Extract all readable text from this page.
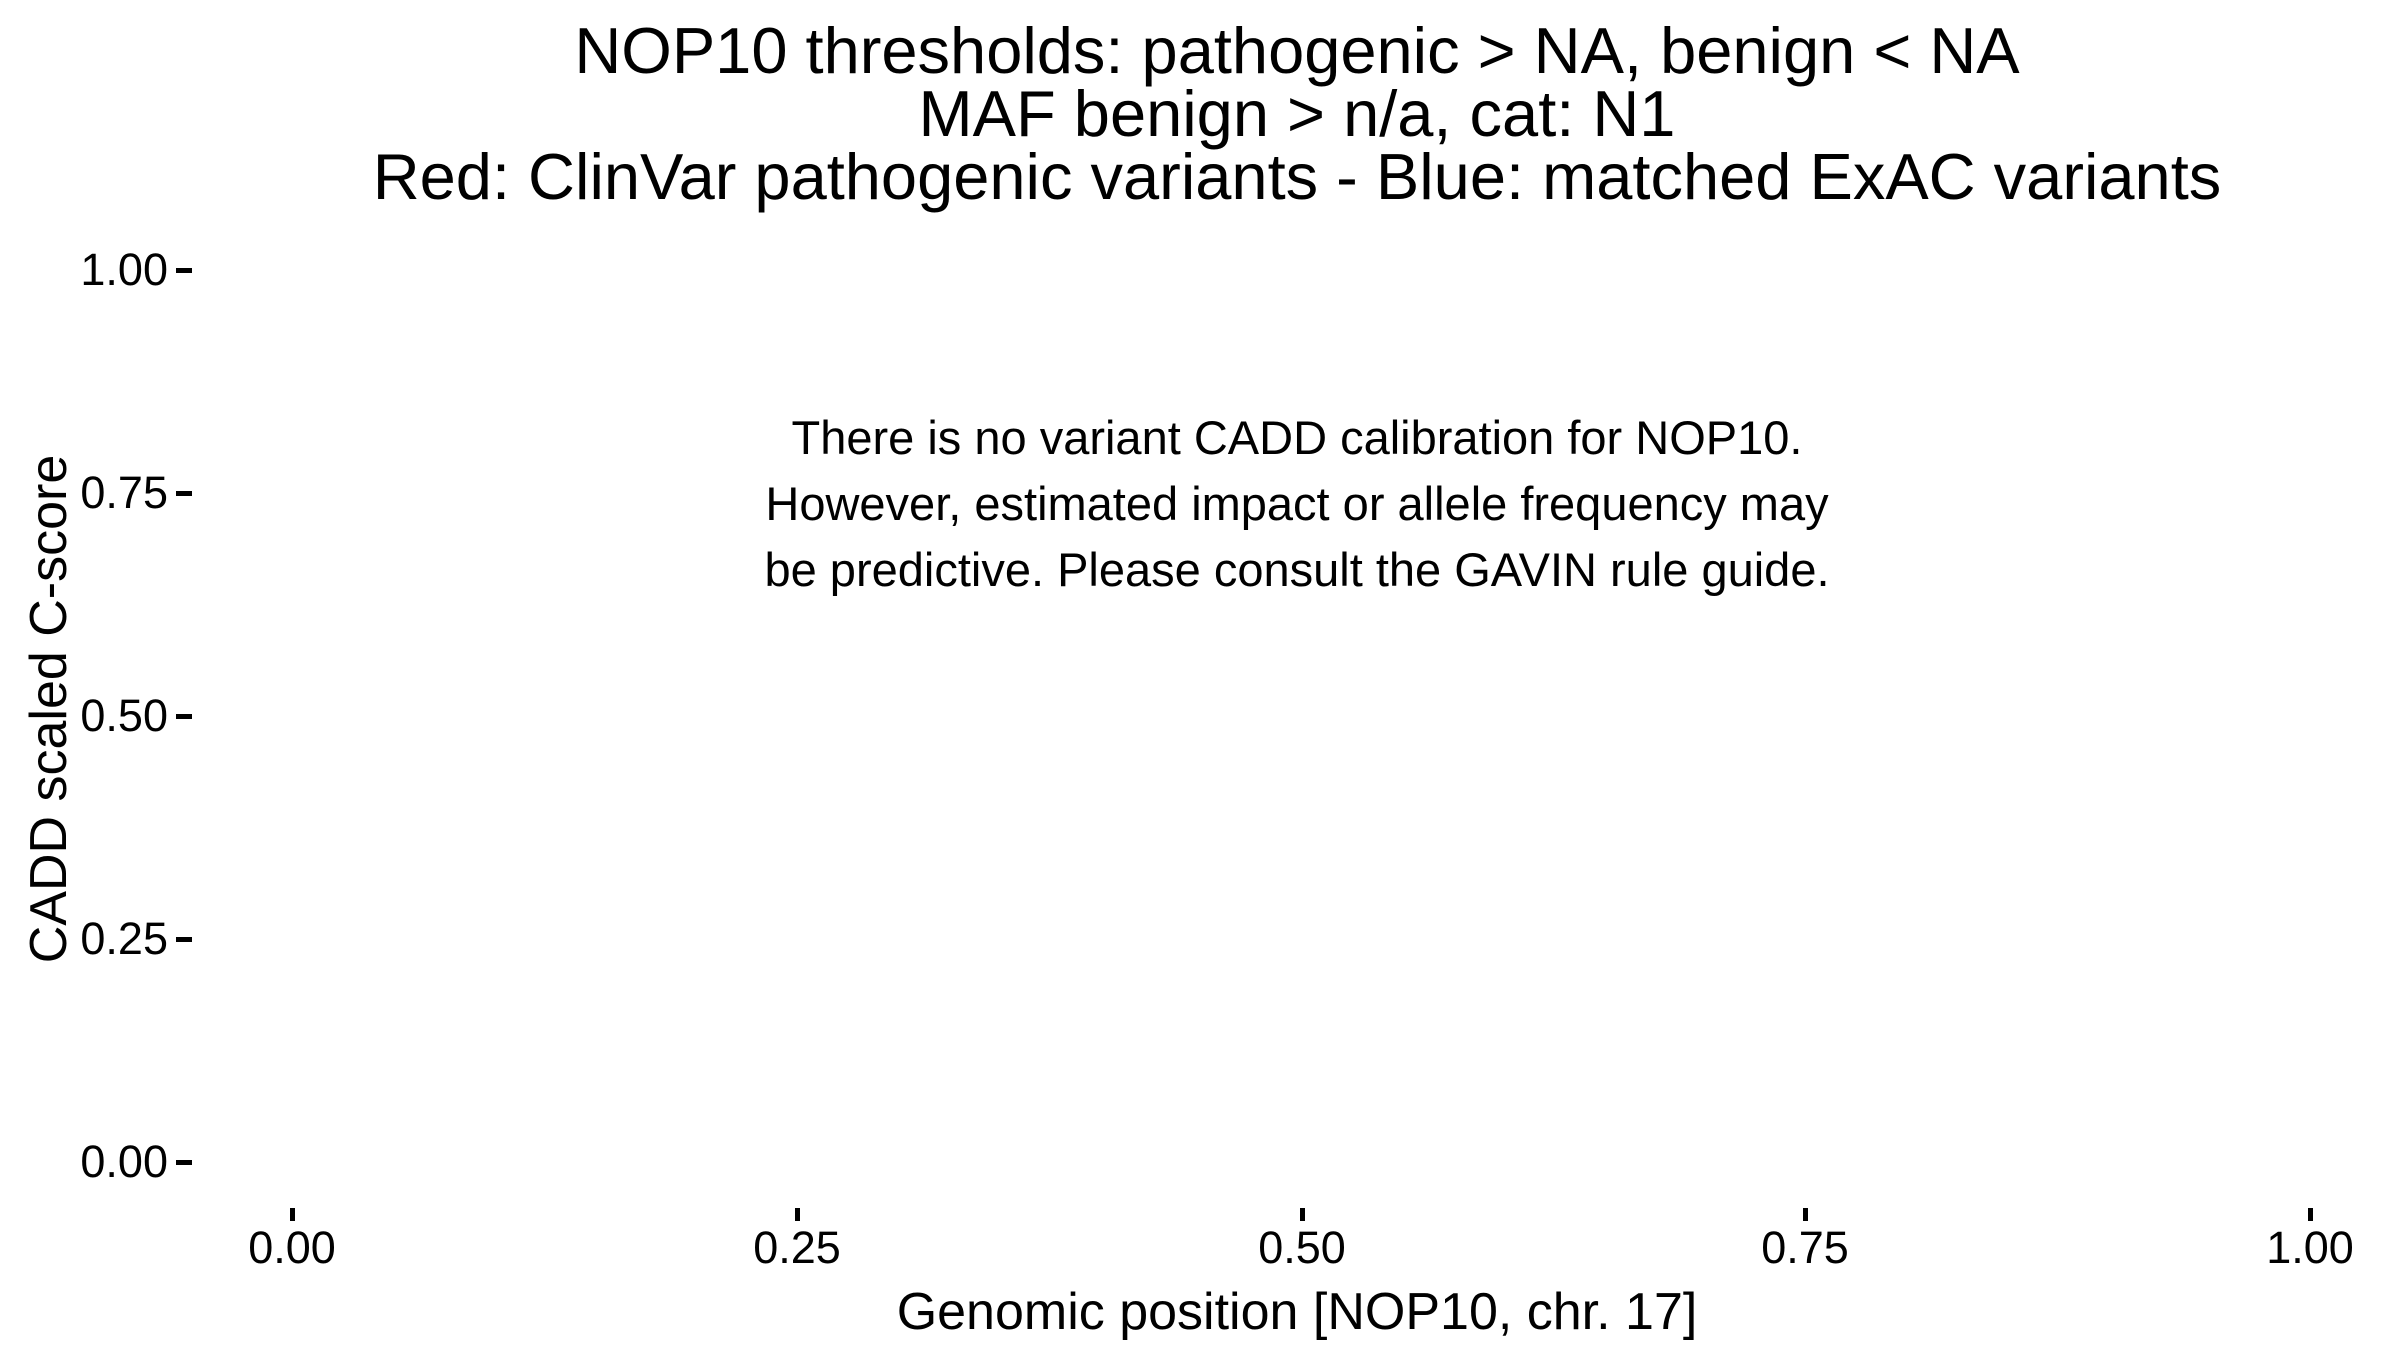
NOP10 thresholds: pathogenic > NA, benign < NA
MAF benign > n/a, cat: N1
Red: ClinVar pathogenic variants - Blue: matched ExAC variants
There is no variant CADD calibration for NOP10.
However, estimated impact or allele frequency may
be predictive. Please consult the GAVIN rule guide.
CADD scaled C-score
1.00
0.75
0.50
0.25
0.00
0.00	0.25	0.50	0.75	1.00
Genomic position [NOP10, chr. 17]
